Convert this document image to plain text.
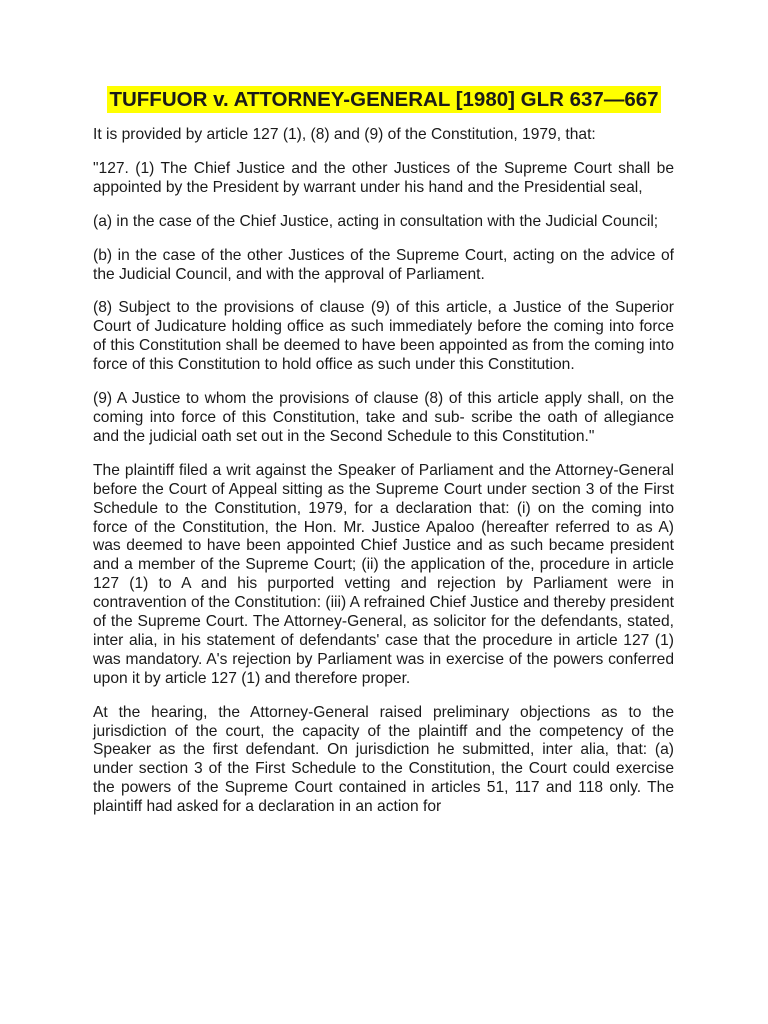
TUFFUOR v. ATTORNEY-GENERAL [1980] GLR 637—667

It is provided by article 127 (1), (8) and (9) of the Constitution, 1979, that:

"127. (1) The Chief Justice and the other Justices of the Supreme Court shall be appointed by the President by warrant under his hand and the Presidential seal,

(a) in the case of the Chief Justice, acting in consultation with the Judicial Council;

(b) in the case of the other Justices of the Supreme Court, acting on the advice of the Judicial Council, and with the approval of Parliament.

(8) Subject to the provisions of clause (9) of this article, a Justice of the Superior Court of Judicature holding office as such immediately before the coming into force of this Constitution shall be deemed to have been appointed as from the coming into force of this Constitution to hold office as such under this Constitution.

(9) A Justice to whom the provisions of clause (8) of this article apply shall, on the coming into force of this Constitution, take and sub- scribe the oath of allegiance and the judicial oath set out in the Second Schedule to this Constitution."

The plaintiff filed a writ against the Speaker of Parliament and the Attorney-General before the Court of Appeal sitting as the Supreme Court under section 3 of the First Schedule to the Constitution, 1979, for a declaration that: (i) on the coming into force of the Constitution, the Hon. Mr. Justice Apaloo (hereafter referred to as A) was deemed to have been appointed Chief Justice and as such became president and a member of the Supreme Court; (ii) the application of the, procedure in article 127 (1) to A and his purported vetting and rejection by Parliament were in contravention of the Constitution: (iii) A refrained Chief Justice and thereby president of the Supreme Court. The Attorney-General, as solicitor for the defendants, stated, inter alia, in his statement of defendants' case that the procedure in article 127 (1) was mandatory. A's rejection by Parliament was in exercise of the powers conferred upon it by article 127 (1) and therefore proper.

At the hearing, the Attorney-General raised preliminary objections as to the jurisdiction of the court, the capacity of the plaintiff and the competency of the Speaker as the first defendant. On jurisdiction he submitted, inter alia, that: (a) under section 3 of the First Schedule to the Constitution, the Court could exercise the powers of the Supreme Court contained in articles 51, 117 and 118 only. The plaintiff had asked for a declaration in an action for
